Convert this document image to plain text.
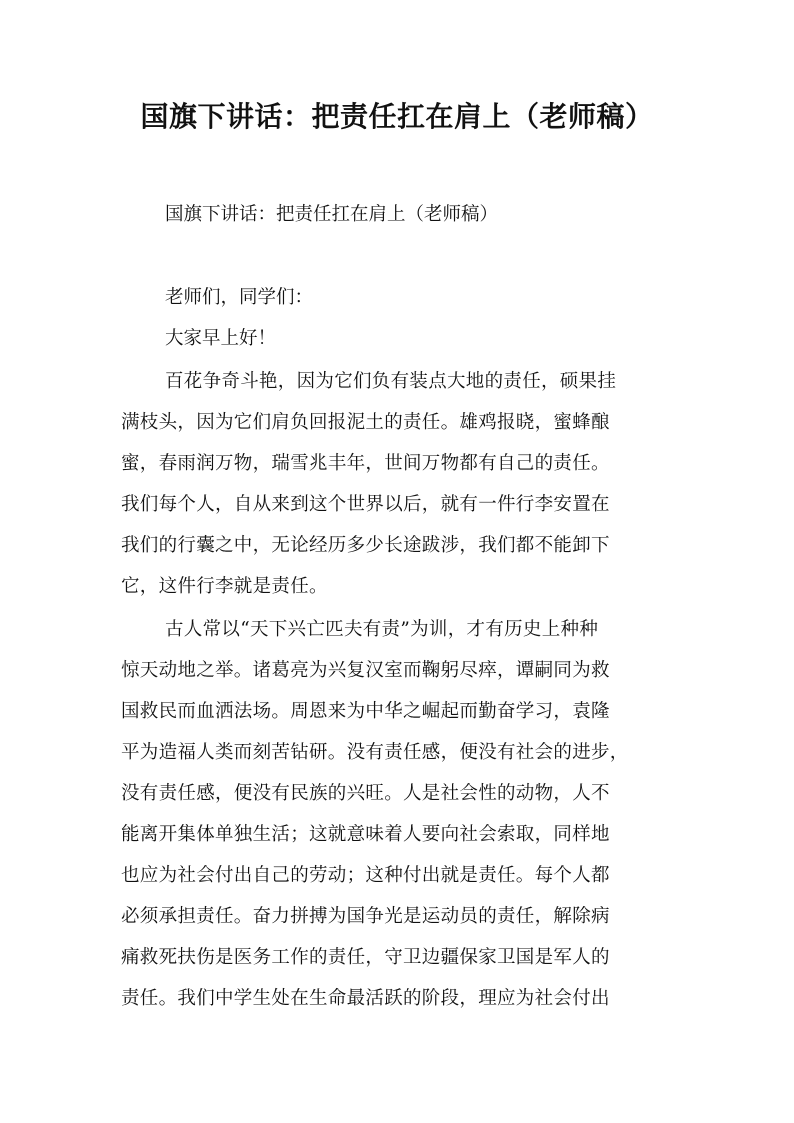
国旗下讲话：把责任扛在肩上（老师稿）

国旗下讲话：把责任扛在肩上（老师稿）

老师们，同学们：

大家早上好！

百花争奇斗艳，因为它们负有装点大地的责任，硕果挂

满枝头，因为它们肩负回报泥土的责任。雄鸡报晓，蜜蜂酿

蜜，春雨润万物，瑞雪兆丰年，世间万物都有自己的责任。

我们每个人，自从来到这个世界以后，就有一件行李安置在

我们的行囊之中，无论经历多少长途跋涉，我们都不能卸下

它，这件行李就是责任。

古人常以“天下兴亡匹夫有责”为训，才有历史上种种

惊天动地之举。诸葛亮为兴复汉室而鞠躬尽瘁，谭嗣同为救

国救民而血洒法场。周恩来为中华之崛起而勤奋学习，袁隆

平为造福人类而刻苦钻研。没有责任感，便没有社会的进步，

没有责任感，便没有民族的兴旺。人是社会性的动物，人不

能离开集体单独生活；这就意味着人要向社会索取，同样地

也应为社会付出自己的劳动；这种付出就是责任。每个人都

必须承担责任。奋力拼搏为国争光是运动员的责任，解除病

痛救死扶伤是医务工作的责任，守卫边疆保家卫国是军人的

责任。我们中学生处在生命最活跃的阶段，理应为社会付出
